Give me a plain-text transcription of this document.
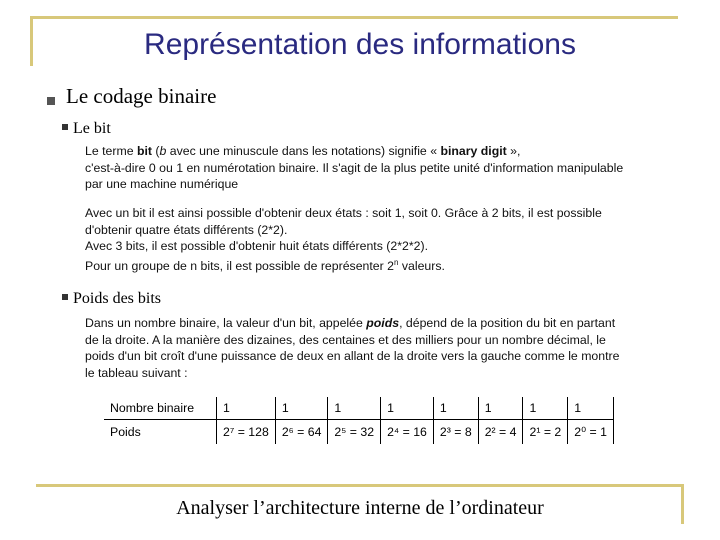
Représentation des informations
Le codage binaire
Le bit

Le terme bit (b avec une minuscule dans les notations) signifie « binary digit »,

c'est-à-dire 0 ou 1 en numérotation binaire. Il s'agit de la plus petite unité d'information manipulable

par une machine numérique

Avec un bit il est ainsi possible d'obtenir deux états : soit 1, soit 0. Grâce à 2 bits, il est possible

d'obtenir quatre états différents (2*2).

Avec 3 bits, il est possible d'obtenir huit états différents (2*2*2).

Pour un groupe de n bits, il est possible de représenter 2$^n$ valeurs.

Poids des bits

Dans un nombre binaire, la valeur d'un bit, appelée poids, dépend de la position du bit en partant

de la droite. A la manière des dizaines, des centaines et des milliers pour un nombre décimal, le

poids d'un bit croît d'une puissance de deux en allant de la droite vers la gauche comme le montre

le tableau suivant :

Nombre binaire	1	1	1	1	1	1	1	1
Poids	2⁷ = 128	2⁶ = 64	2⁵ = 32	2⁴ = 16	2³ = 8	2² = 4	2¹ = 2	2⁰ = 1
Analyser l’architecture interne de l’ordinateur
